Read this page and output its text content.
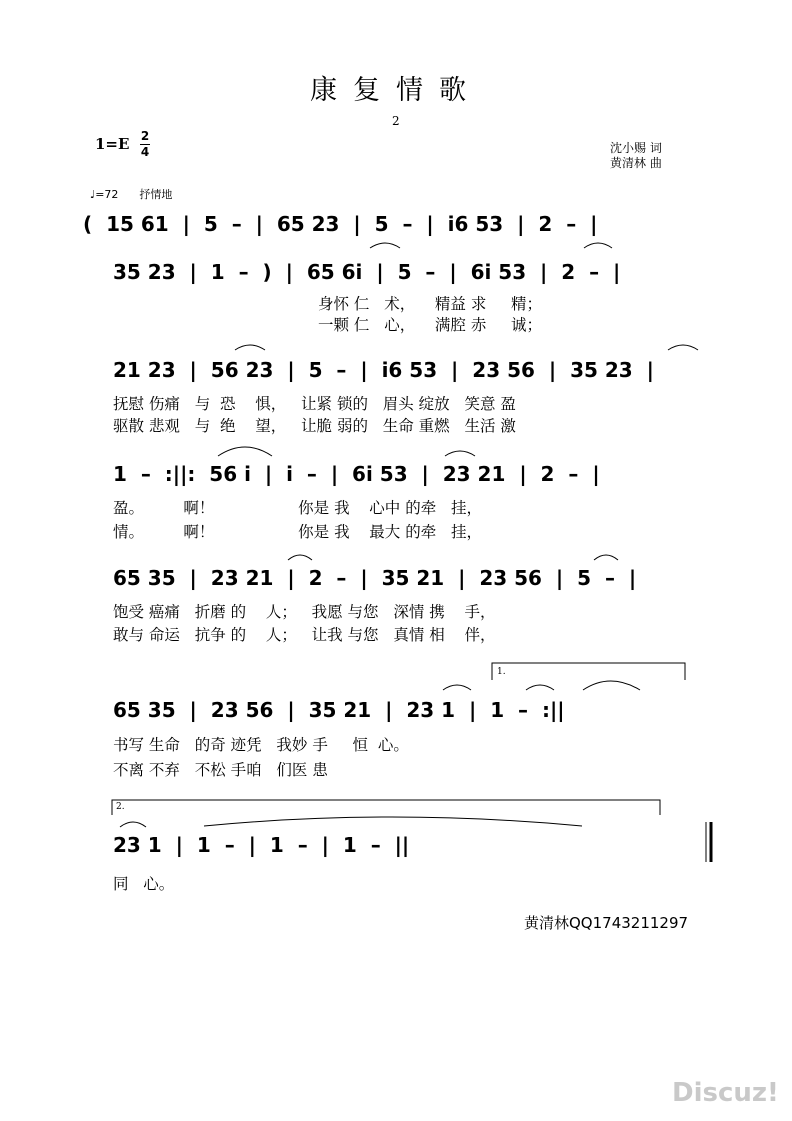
康复情歌
2
1=E 2
4	沈小赐 词
黄清林 曲
♩=72 抒情地
(  15 61  |  5  –  |  65 23  |  5  –  |  i6 53  |  2  –  |
35 23  |  1  –  )  |  65 6i  |  5  –  |  6i 53  |  2  –  |
身怀 仁   术，    精益 求     精；
一颗 仁   心，    满腔 赤     诚；
21 23  |  56 23  |  5  –  |  i6 53  |  23 56  |  35 23  |
抚慰 伤痛   与  恐    惧，   让紧 锁的   眉头 绽放   笑意 盈
驱散 悲观   与  绝    望，   让脆 弱的   生命 重燃   生活 激
1  –  :||:  56 i  |  i  –  |  6i 53  |  23 21  |  2  –  |
盈。        啊！                 你是 我    心中 的牵   挂，
情。        啊！                 你是 我    最大 的牵   挂，
65 35  |  23 21  |  2  –  |  35 21  |  23 56  |  5  –  |
饱受 癌痛   折磨 的    人；   我愿 与您   深情 携    手，
敢与 命运   抗争 的    人；   让我 与您   真情 相    伴，
1.
65 35  |  23 56  |  35 21  |  23 1  |  1  –  :||
书写 生命   的奇 迹凭   我妙 手     恒  心。
不离 不弃   不松 手咱   们医 患
2.
23 1  |  1  –  |  1  –  |  1  –  ||
同   心。
黄清林QQ1743211297
Discuz!
